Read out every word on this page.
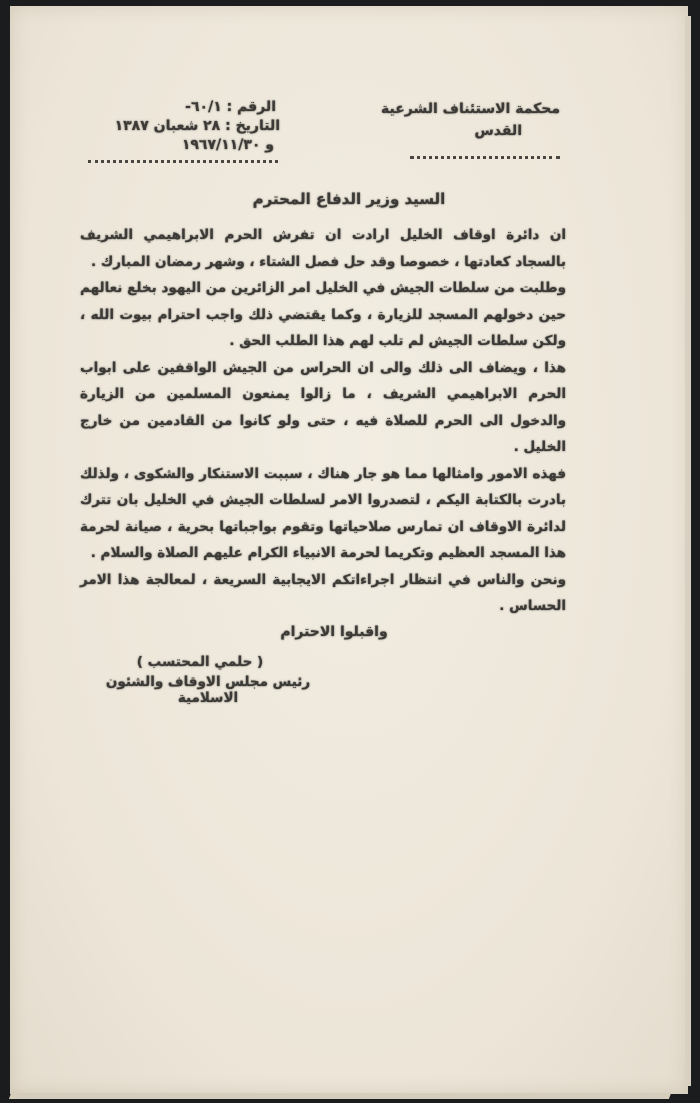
محكمة الاستئناف الشرعية
القدس
الرقم : ٦٠/١-
التاريخ : ٢٨ شعبان ١٣٨٧
و ١٩٦٧/١١/٣٠
السيد وزير الدفاع المحترم

ان دائرة اوقاف الخليل ارادت ان تفرش الحرم الابراهيمي الشريف بالسجاد كعادتها ، خصوصا وقد حل فصل الشتاء ، وشهر رمضان المبارك .

وطلبت من سلطات الجيش في الخليل امر الزائرين من اليهود بخلع نعالهم حين دخولهم المسجد للزيارة ، وكما يقتضي ذلك واجب احترام بيوت الله ، ولكن سلطات الجيش لم تلب لهم هذا الطلب الحق .

هذا ، ويضاف الى ذلك والى ان الحراس من الجيش الواقفين على ابواب الحرم الابراهيمي الشريف ، ما زالوا يمنعون المسلمين من الزيارة والدخول الى الحرم للصلاة فيه ، حتى ولو كانوا من القادمين من خارج الخليل .

فهذه الامور وامثالها مما هو جار هناك ، سببت الاستنكار والشكوى ، ولذلك بادرت بالكتابة اليكم ، لتصدروا الامر لسلطات الجيش في الخليل بان تترك لدائرة الاوقاف ان تمارس صلاحياتها وتقوم بواجباتها بحرية ، صيانة لحرمة هذا المسجد العظيم وتكريما لحرمة الانبياء الكرام عليهم الصلاة والسلام .

ونحن والناس في انتظار اجراءاتكم الايجابية السريعة ، لمعالجة هذا الامر الحساس .

واقبلوا الاحترام
( حلمي المحتسب )
رئيس مجلس الاوقاف والشئون الاسلامية
